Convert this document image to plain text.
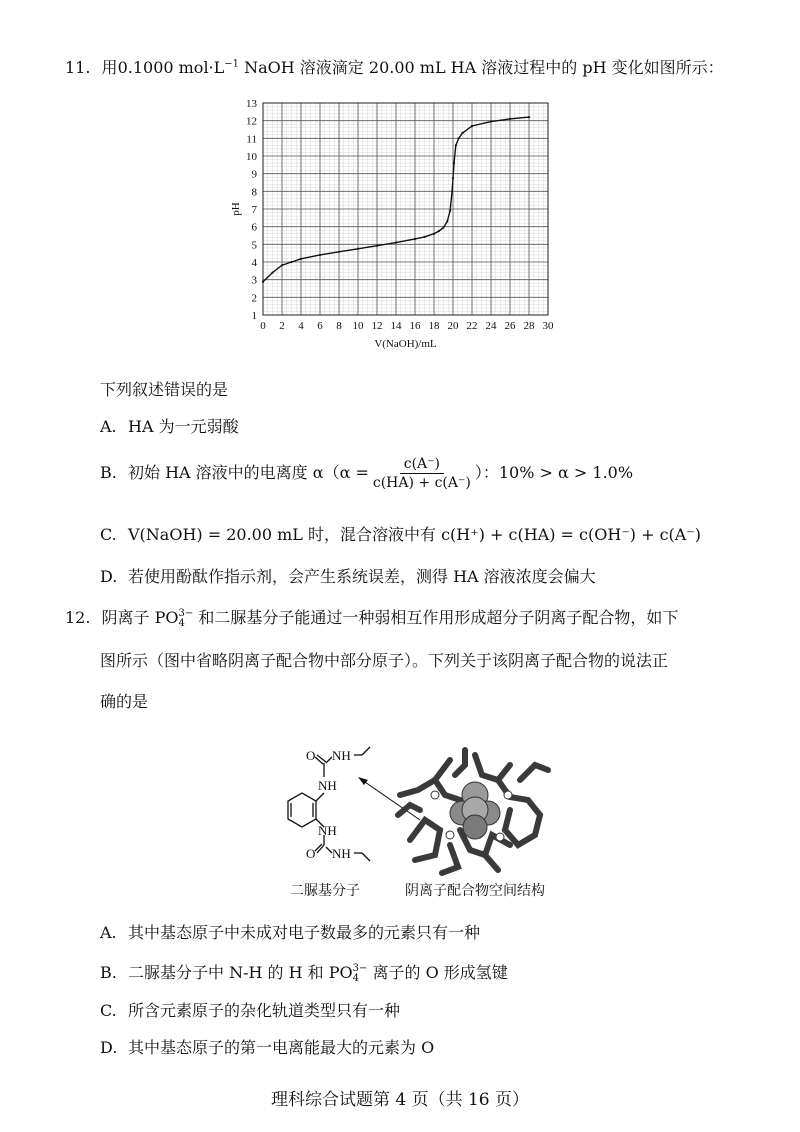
11. 用0.1000 $mol\cdot L^{-1}$ NaOH 溶液滴定 20.00 mL HA 溶液过程中的 pH 变化如图所示：
0 2 4 6 8 10 12 14 16 18 20 22 24 26 28 30
1
2
3
4
5
6
7
8
9
10
11
12
13
V(NaOH)/mL
pH
下列叙述错误的是
A. HA 为一元弱酸
B. 初始 HA 溶液中的电离度 $\alpha(\alpha = \frac{c(A^-)}{c(HA) + c(A^-)}$ ）：10% > α > 1.0%
C. V(NaOH) = 20.00 mL 时，混合溶液中有 c(H⁺) + c(HA) = c(OH⁻) + c(A⁻)
D. 若使用酚酞作指示剂，会产生系统误差，测得 HA 溶液浓度会偏大
12. 阴离子 PO 3−
4 和二脲基分子能通过一种弱相互作用形成超分子阴离子配合物，如下
图所示（图中省略阴离子配合物中部分原子）。下列关于该阴离子配合物的说法正
确的是
O NH
NH
NH
O NH
二脲基分子	阴离子配合物空间结构
A. 其中基态原子中未成对电子数最多的元素只有一种
B. 二脲基分子中 N-H 的 H 和 PO 3−
4 离子的 O 形成氢键
C. 所含元素原子的杂化轨道类型只有一种
D. 其中基态原子的第一电离能最大的元素为 O
理科综合试题第 4 页（共 16 页）
